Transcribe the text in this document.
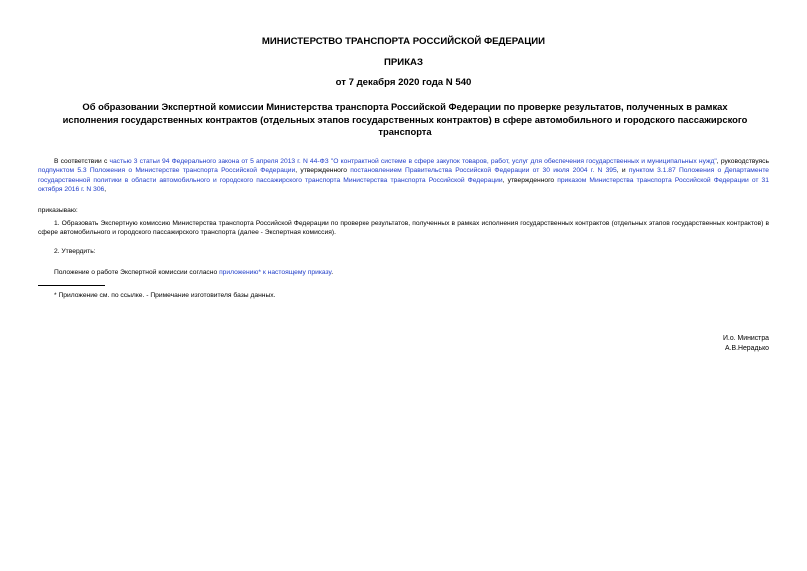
МИНИСТЕРСТВО ТРАНСПОРТА РОССИЙСКОЙ ФЕДЕРАЦИИ
ПРИКАЗ
от 7 декабря 2020 года N 540
Об образовании Экспертной комиссии Министерства транспорта Российской Федерации по проверке результатов, полученных в рамках исполнения государственных контрактов (отдельных этапов государственных контрактов) в сфере автомобильного и городского пассажирского транспорта
В соответствии с частью 3 статьи 94 Федерального закона от 5 апреля 2013 г. N 44-ФЗ "О контрактной системе в сфере закупок товаров, работ, услуг для обеспечения государственных и муниципальных нужд", руководствуясь подпунктом 5.3 Положения о Министерстве транспорта Российской Федерации, утвержденного постановлением Правительства Российской Федерации от 30 июля 2004 г. N 395, и пунктом 3.1.87 Положения о Департаменте государственной политики в области автомобильного и городского пассажирского транспорта Министерства транспорта Российской Федерации, утвержденного приказом Министерства транспорта Российской Федерации от 31 октября 2016 г. N 306,
приказываю:
1. Образовать Экспертную комиссию Министерства транспорта Российской Федерации по проверке результатов, полученных в рамках исполнения государственных контрактов (отдельных этапов государственных контрактов) в сфере автомобильного и городского пассажирского транспорта (далее - Экспертная комиссия).
2. Утвердить:
Положение о работе Экспертной комиссии согласно приложению* к настоящему приказу.
* Приложение см. по ссылке. - Примечание изготовителя базы данных.
И.о. Министра
А.В.Нерадько
